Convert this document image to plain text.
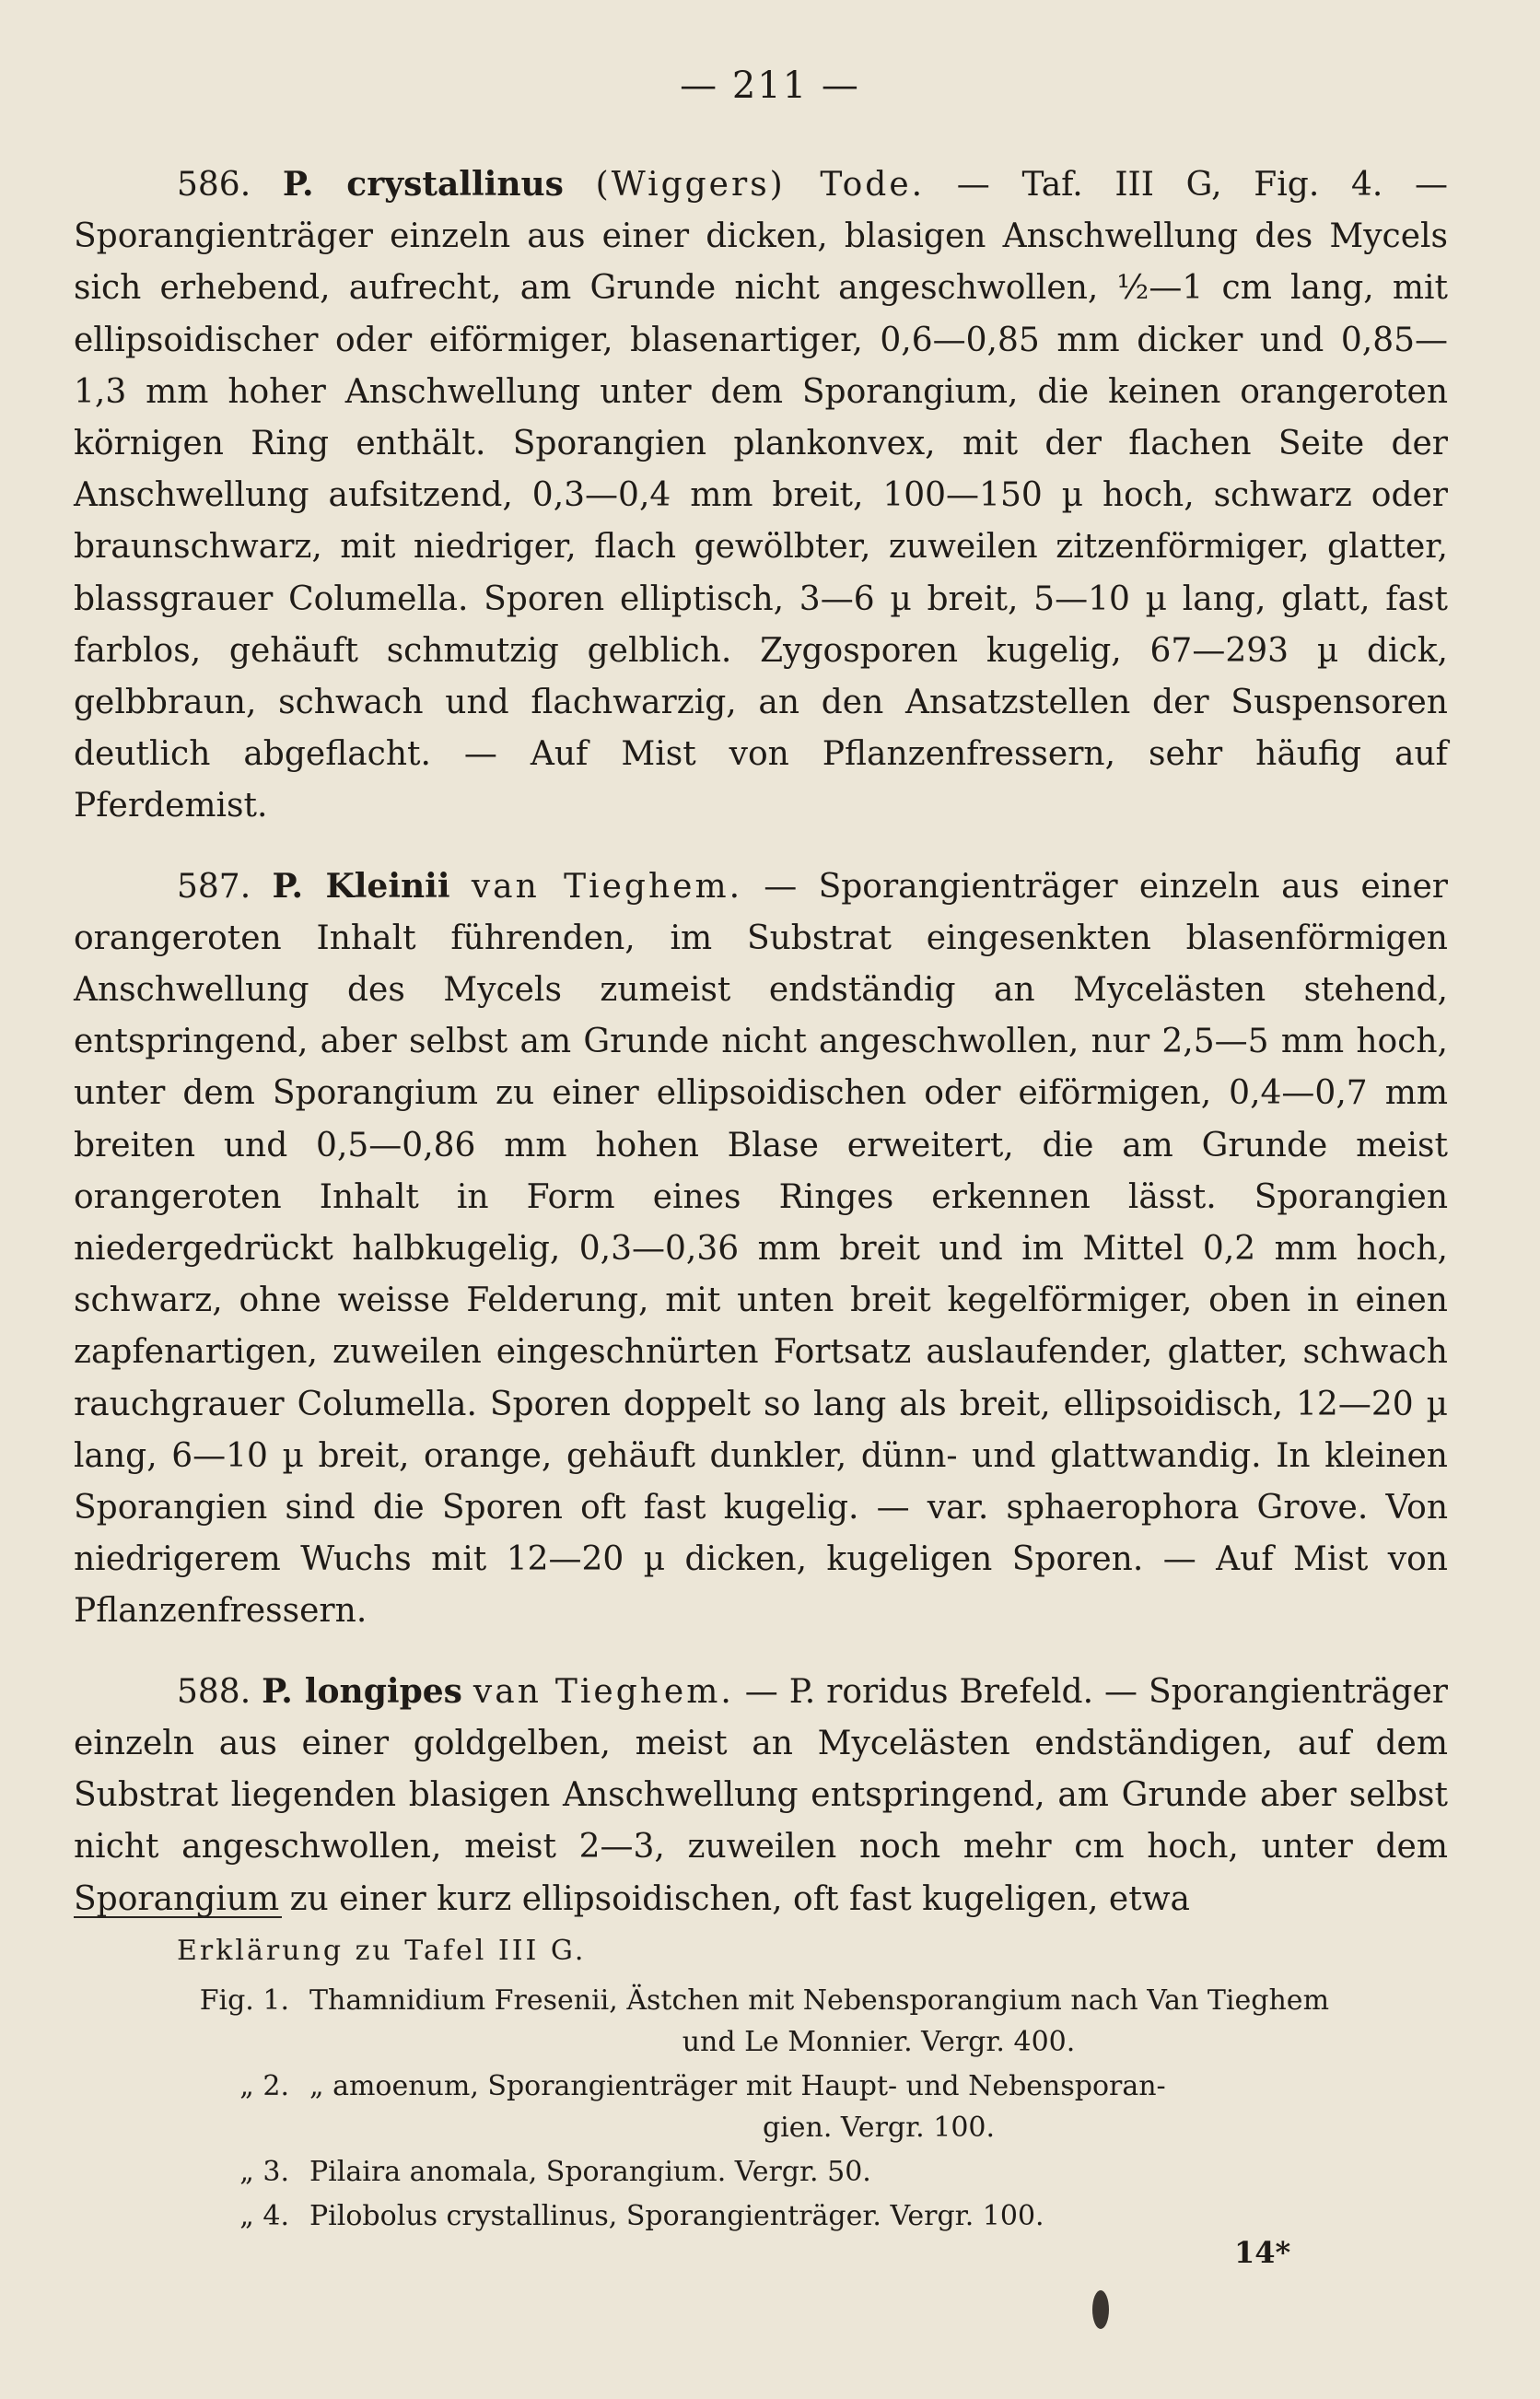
— 211 —

586. P. crystallinus (Wiggers) Tode. — Taf. III G, Fig. 4. — Sporangienträger einzeln aus einer dicken, blasigen Anschwellung des Mycels sich erhebend, aufrecht, am Grunde nicht angeschwollen, ½—1 cm lang, mit ellipsoidischer oder eiförmiger, blasenartiger, 0,6—0,85 mm dicker und 0,85—1,3 mm hoher Anschwellung unter dem Sporangium, die keinen orangeroten körnigen Ring enthält. Sporangien plankonvex, mit der flachen Seite der Anschwellung aufsitzend, 0,3—0,4 mm breit, 100—150 µ hoch, schwarz oder braunschwarz, mit niedriger, flach gewölbter, zuweilen zitzenförmiger, glatter, blassgrauer Columella. Sporen elliptisch, 3—6 µ breit, 5—10 µ lang, glatt, fast farblos, gehäuft schmutzig gelblich. Zygosporen kugelig, 67—293 µ dick, gelbbraun, schwach und flachwarzig, an den Ansatzstellen der Suspensoren deutlich abgeflacht. — Auf Mist von Pflanzenfressern, sehr häufig auf Pferdemist.

587. P. Kleinii van Tieghem. — Sporangienträger einzeln aus einer orangeroten Inhalt führenden, im Substrat eingesenkten blasenförmigen Anschwellung des Mycels zumeist endständig an Mycelästen stehend, entspringend, aber selbst am Grunde nicht angeschwollen, nur 2,5—5 mm hoch, unter dem Sporangium zu einer ellipsoidischen oder eiförmigen, 0,4—0,7 mm breiten und 0,5—0,86 mm hohen Blase erweitert, die am Grunde meist orangeroten Inhalt in Form eines Ringes erkennen lässt. Sporangien niedergedrückt halbkugelig, 0,3—0,36 mm breit und im Mittel 0,2 mm hoch, schwarz, ohne weisse Felderung, mit unten breit kegelförmiger, oben in einen zapfenartigen, zuweilen eingeschnürten Fortsatz auslaufender, glatter, schwach rauchgrauer Columella. Sporen doppelt so lang als breit, ellipsoidisch, 12—20 µ lang, 6—10 µ breit, orange, gehäuft dunkler, dünn- und glattwandig. In kleinen Sporangien sind die Sporen oft fast kugelig. — var. sphaerophora Grove. Von niedrigerem Wuchs mit 12—20 µ dicken, kugeligen Sporen. — Auf Mist von Pflanzenfressern.

588. P. longipes van Tieghem. — P. roridus Brefeld. — Sporangienträger einzeln aus einer goldgelben, meist an Mycelästen endständigen, auf dem Substrat liegenden blasigen Anschwellung entspringend, am Grunde aber selbst nicht angeschwollen, meist 2—3, zuweilen noch mehr cm hoch, unter dem Sporangium zu einer kurz ellipsoidischen, oft fast kugeligen, etwa

Erklärung zu Tafel III G.
Fig. 1. Thamnidium Fresenii, Ästchen mit Nebensporangium nach Van Tieghem
und Le Monnier. Vergr. 400.
„ 2. „ amoenum, Sporangienträger mit Haupt- und Nebensporan-
gien. Vergr. 100.
„ 3. Pilaira anomala, Sporangium. Vergr. 50.
„ 4. Pilobolus crystallinus, Sporangienträger. Vergr. 100.
14*
